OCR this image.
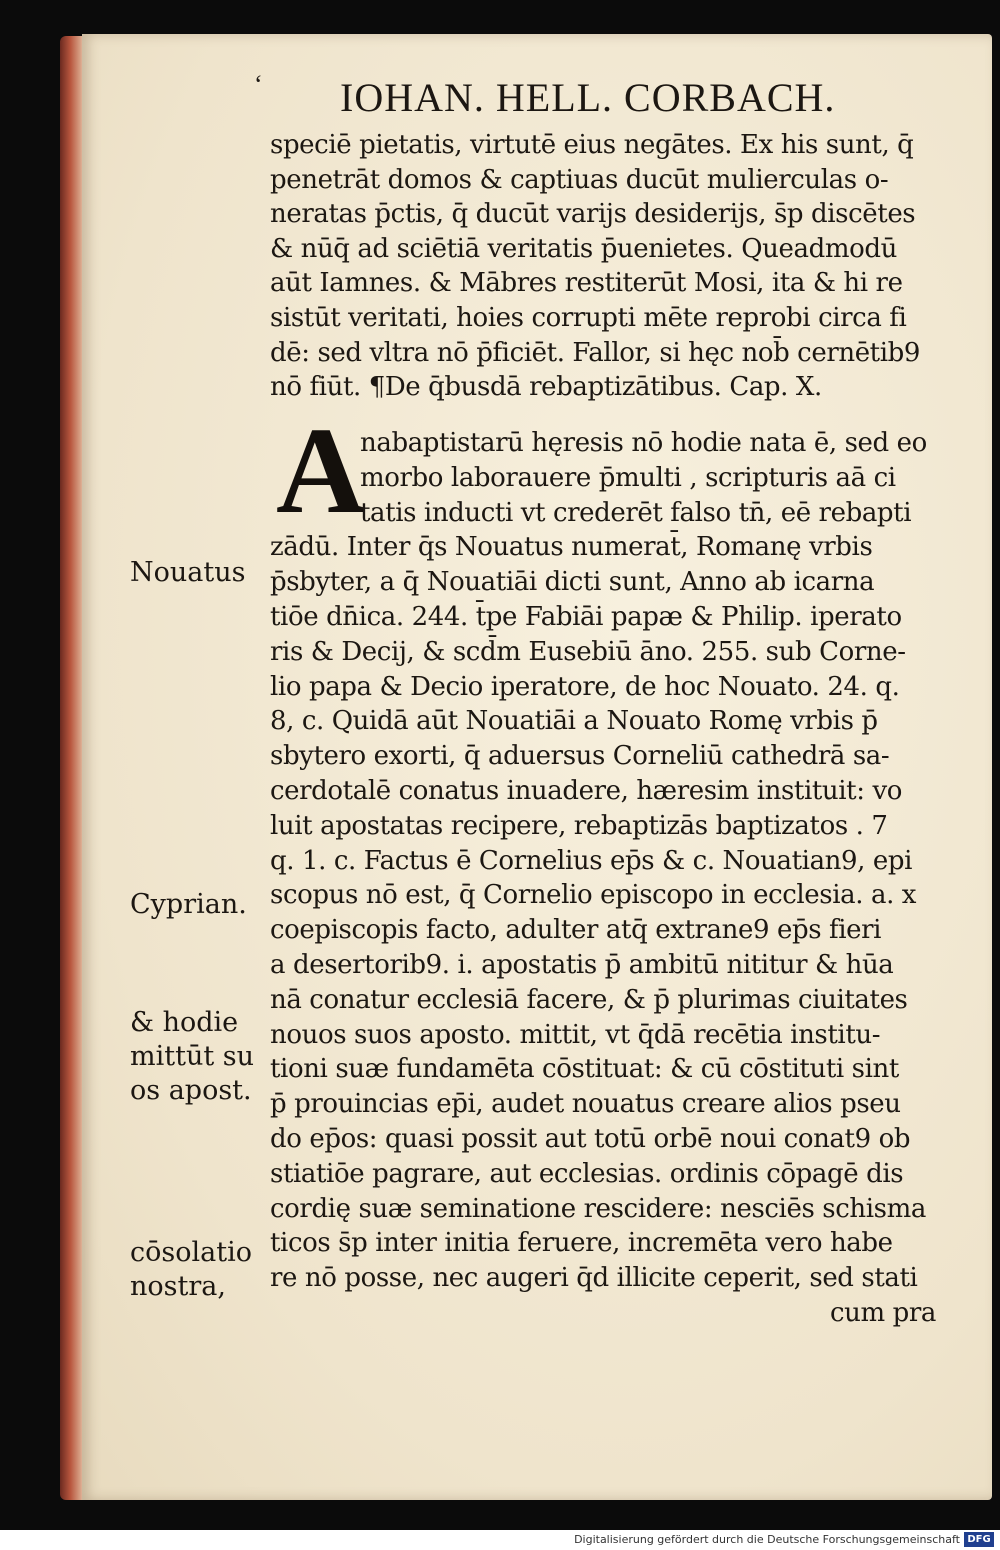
‘ IOHAN. HELL. CORBACH.
speciē pietatis, virtutē eius negātes. Ex his sunt, q̄
penetrāt domos & captiuas ducūt mulierculas o-
neratas p̄ctis, q̄ ducūt varijs desiderijs, s̄p discētes
& nūq̄ ad sciētiā veritatis p̄uenietes. Queadmodū
aūt Iamnes. & Mābres restiterūt Mosi, ita & hi re
sistūt veritati, hoies corrupti mēte reprobi circa fi
dē: sed vltra nō p̄ficiēt. Fallor, si hęc nob̄ cernētib9
nō fiūt. ¶De q̄busdā rebaptizātibus. Cap. X.
A
nabaptistarū hęresis nō hodie nata ē, sed eo
morbo laborauere p̄multi , scripturis aā ci
tatis inducti vt crederēt falso tn̄, eē rebapti
zādū. Inter q̄s Nouatus numerat̄, Romanę vrbis
p̄sbyter, a q̄ Nouatiāi dicti sunt, Anno ab icarna
tiōe dn̄ica. 244. t̄pe Fabiāi papæ & Philip. iperato
ris & Decij, & scd̄m Eusebiū āno. 255. sub Corne-
lio papa & Decio iperatore, de hoc Nouato. 24. q.
8, c. Quidā aūt Nouatiāi a Nouato Romę vrbis p̄
sbytero exorti, q̄ aduersus Corneliū cathedrā sa-
cerdotalē conatus inuadere, hæresim instituit: vo
luit apostatas recipere, rebaptizās baptizatos . 7
q. 1. c. Factus ē Cornelius ep̄s & c. Nouatian9, epi
scopus nō est, q̄ Cornelio episcopo in ecclesia. a. x
coepiscopis facto, adulter atq̄ extrane9 ep̄s fieri
a desertorib9. i. apostatis p̄ ambitū nititur & hūa
nā conatur ecclesiā facere, & p̄ plurimas ciuitates
nouos suos aposto. mittit, vt q̄dā recētia institu-
tioni suæ fundamēta cōstituat: & cū cōstituti sint
p̄ prouincias ep̄i, audet nouatus creare alios pseu
do ep̄os: quasi possit aut totū orbē noui conat9 ob
stiatiōe pagrare, aut ecclesias. ordinis cōpagē dis
cordię suæ seminatione rescidere: nesciēs schisma
ticos s̄p inter initia feruere, incremēta vero habe
re nō posse, nec augeri q̄d illicite ceperit, sed stati
cum pra
Nouatus
Cyprian.
& hodie
mittūt su
os apost.
cōsolatio
nostra,
Digitalisierung gefördert durch die Deutsche Forschungsgemeinschaft DFG
